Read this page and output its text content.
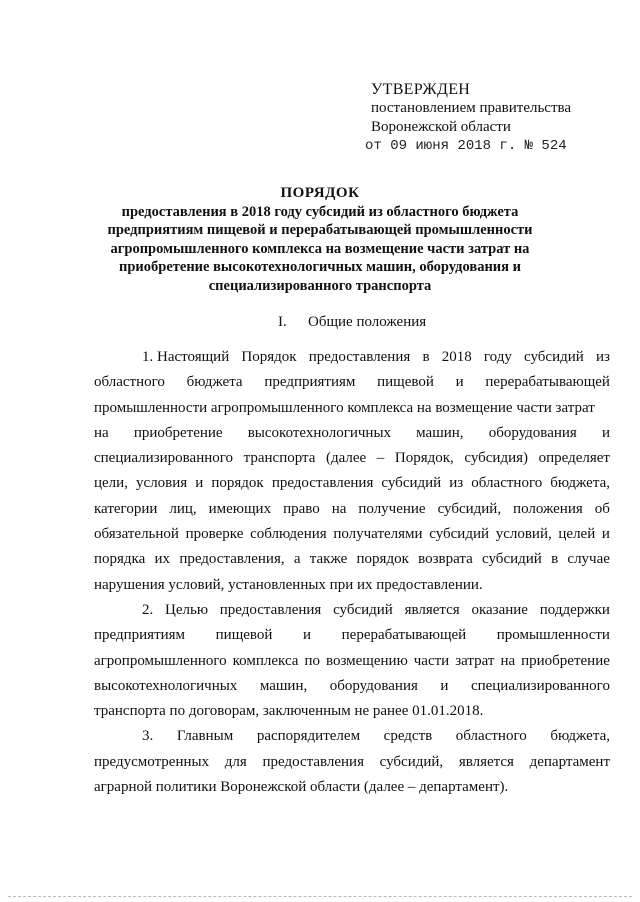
УТВЕРЖДЕН
постановлением правительства
Воронежской области
от 09 июня 2018 г. № 524
ПОРЯДОК
предоставления в 2018 году субсидий из областного бюджета
предприятиям пищевой и перерабатывающей промышленности
агропромышленного комплекса на возмещение части затрат на
приобретение высокотехнологичных машин, оборудования и
специализированного транспорта
I. Общие положения
1. Настоящий Порядок предоставления в 2018 году субсидий из
областного бюджета предприятиям пищевой и перерабатывающей
промышленности агропромышленного комплекса на возмещение части затрат
на приобретение высокотехнологичных машин, оборудования и
специализированного транспорта (далее – Порядок, субсидия) определяет
цели, условия и порядок предоставления субсидий из областного бюджета,
категории лиц, имеющих право на получение субсидий, положения об
обязательной проверке соблюдения получателями субсидий условий, целей и
порядка их предоставления, а также порядок возврата субсидий в случае
нарушения условий, установленных при их предоставлении.
2. Целью предоставления субсидий является оказание поддержки
предприятиям пищевой и перерабатывающей промышленности
агропромышленного комплекса по возмещению части затрат на приобретение
высокотехнологичных машин, оборудования и специализированного
транспорта по договорам, заключенным не ранее 01.01.2018.
3. Главным распорядителем средств областного бюджета,
предусмотренных для предоставления субсидий, является департамент
аграрной политики Воронежской области (далее – департамент).
